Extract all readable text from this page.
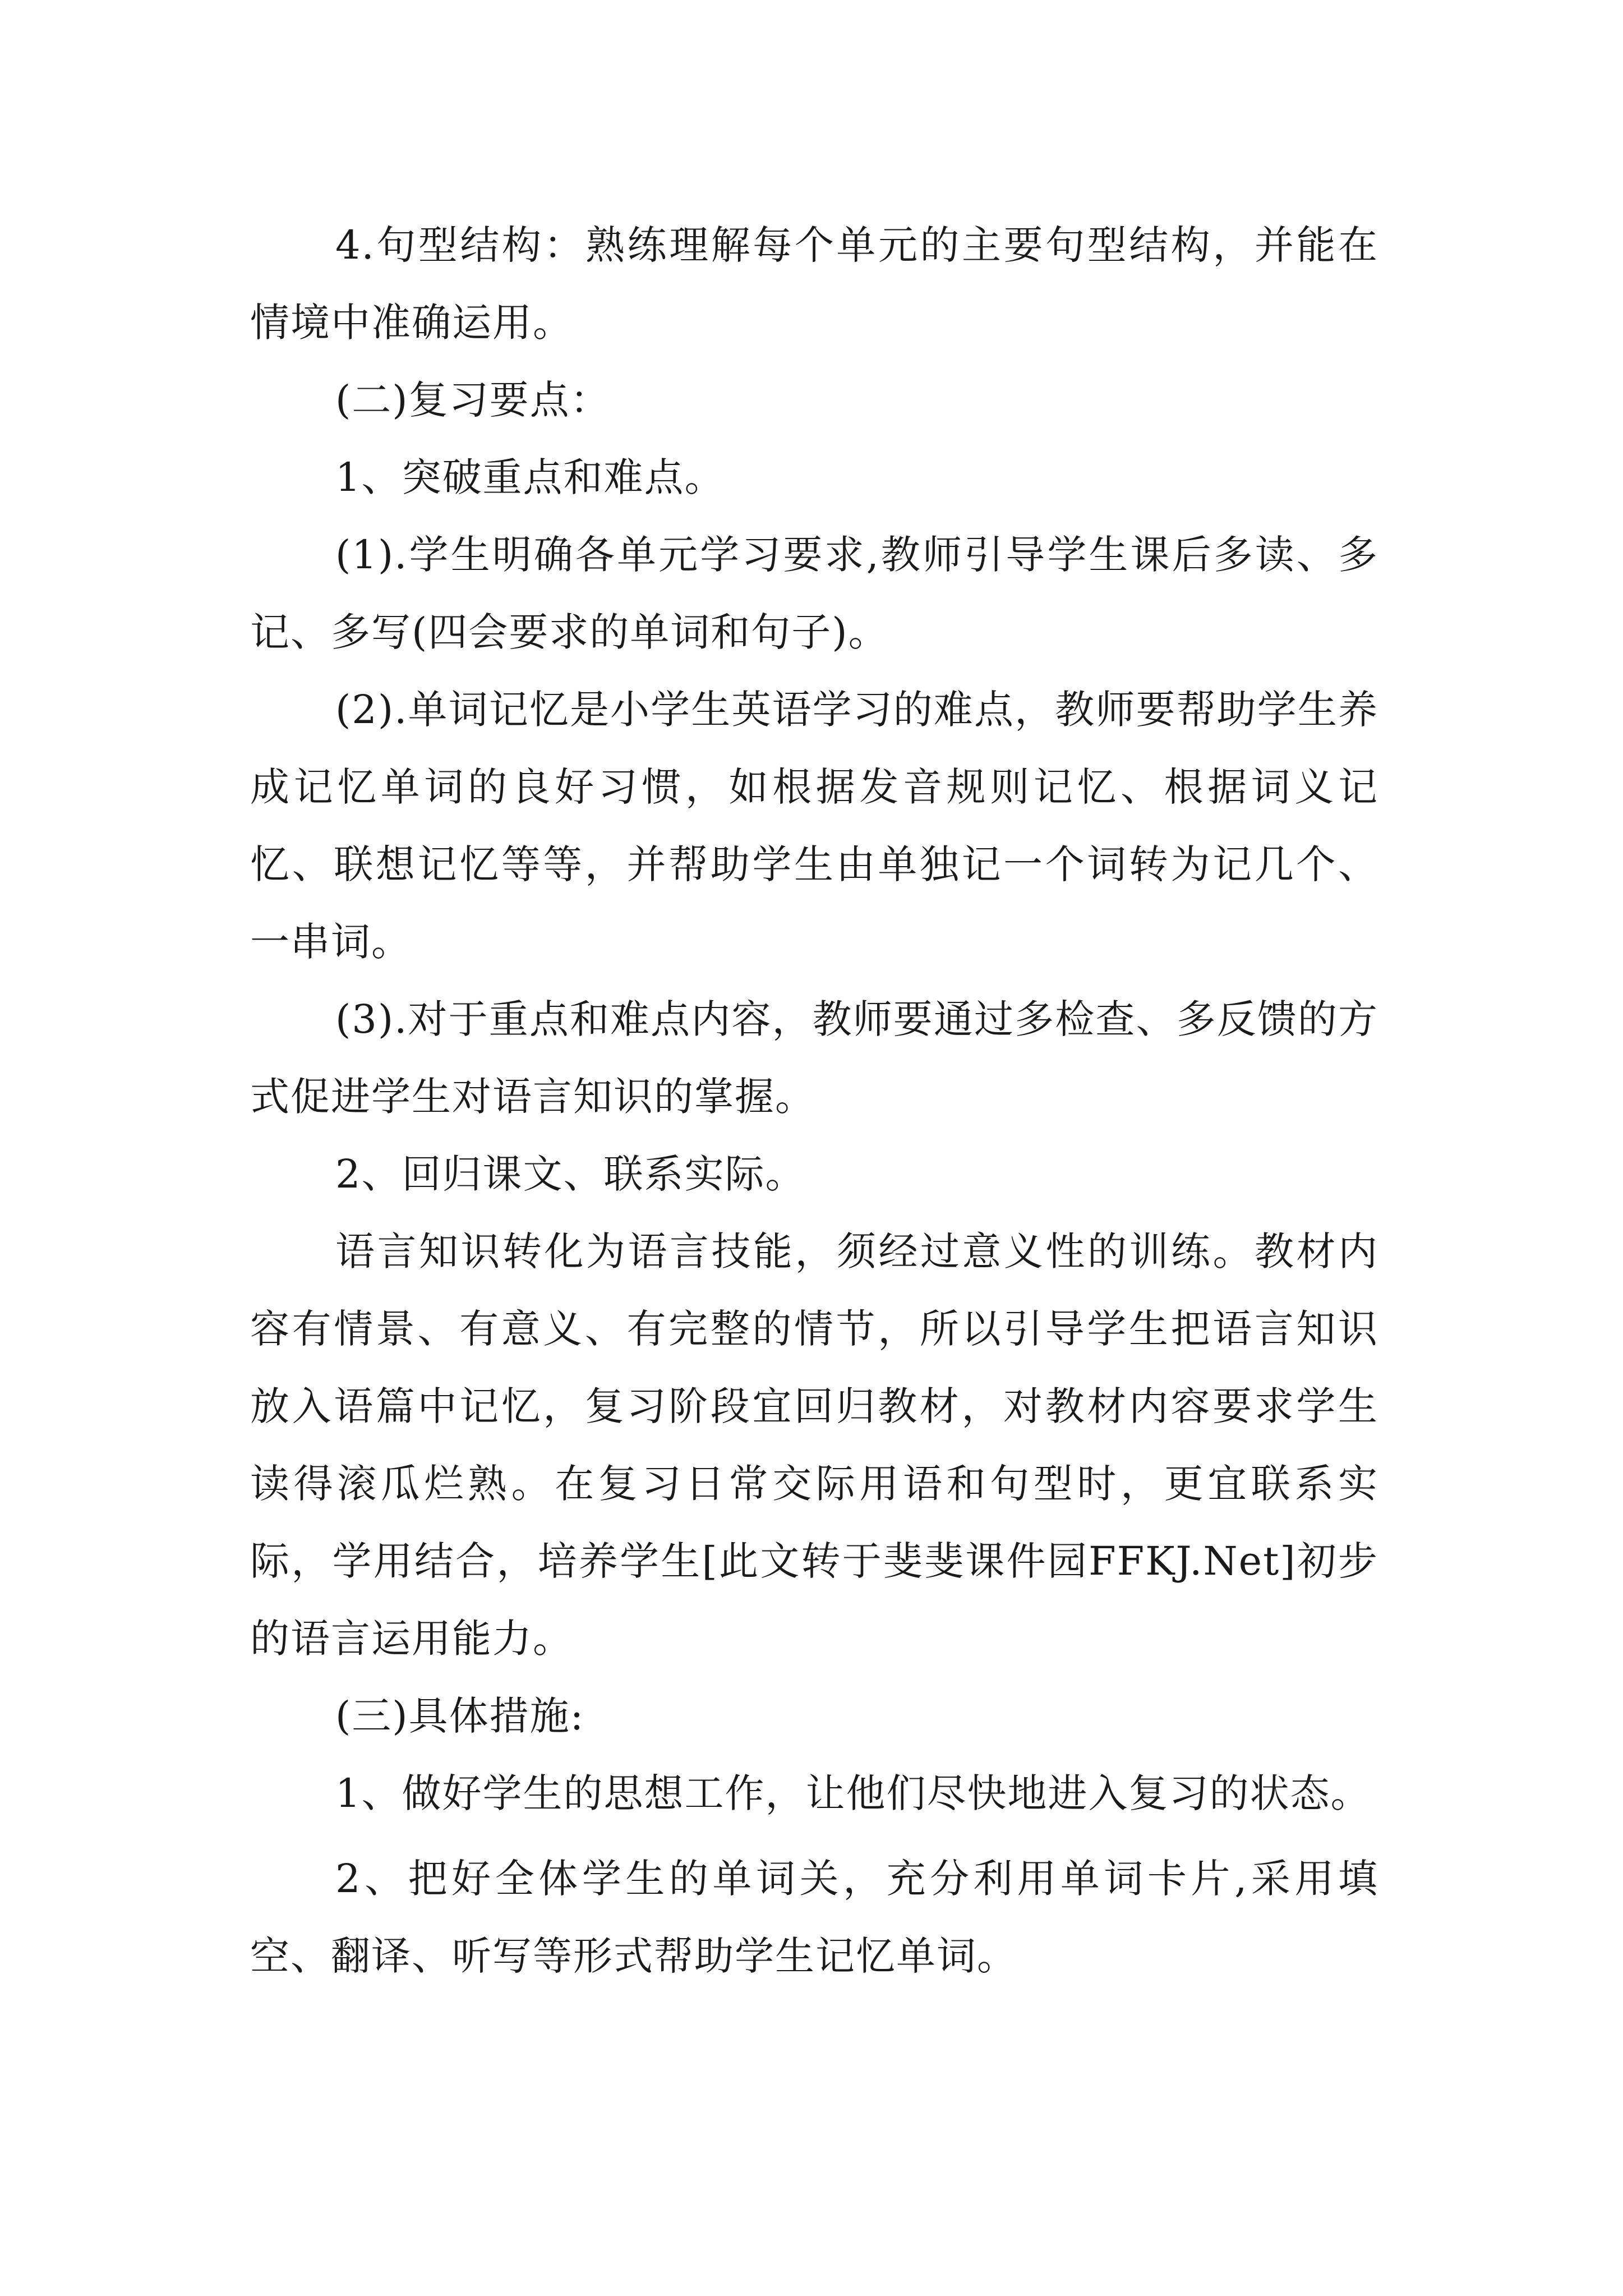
4.句型结构：熟练理解每个单元的主要句型结构，并能在情境中准确运用。

(二)复习要点：

1、突破重点和难点。

(1).学生明确各单元学习要求,教师引导学生课后多读、多记、多写(四会要求的单词和句子)。

(2).单词记忆是小学生英语学习的难点，教师要帮助学生养成记忆单词的良好习惯，如根据发音规则记忆、根据词义记忆、联想记忆等等，并帮助学生由单独记一个词转为记几个、一串词。

(3).对于重点和难点内容，教师要通过多检查、多反馈的方式促进学生对语言知识的掌握。

2、回归课文、联系实际。

语言知识转化为语言技能，须经过意义性的训练。教材内容有情景、有意义、有完整的情节，所以引导学生把语言知识放入语篇中记忆，复习阶段宜回归教材，对教材内容要求学生读得滚瓜烂熟。在复习日常交际用语和句型时，更宜联系实际，学用结合，培养学生[此文转于斐斐课件园FFKJ.Net]初步的语言运用能力。

(三)具体措施:

1、做好学生的思想工作，让他们尽快地进入复习的状态。

2、把好全体学生的单词关，充分利用单词卡片,采用填空、翻译、听写等形式帮助学生记忆单词。
